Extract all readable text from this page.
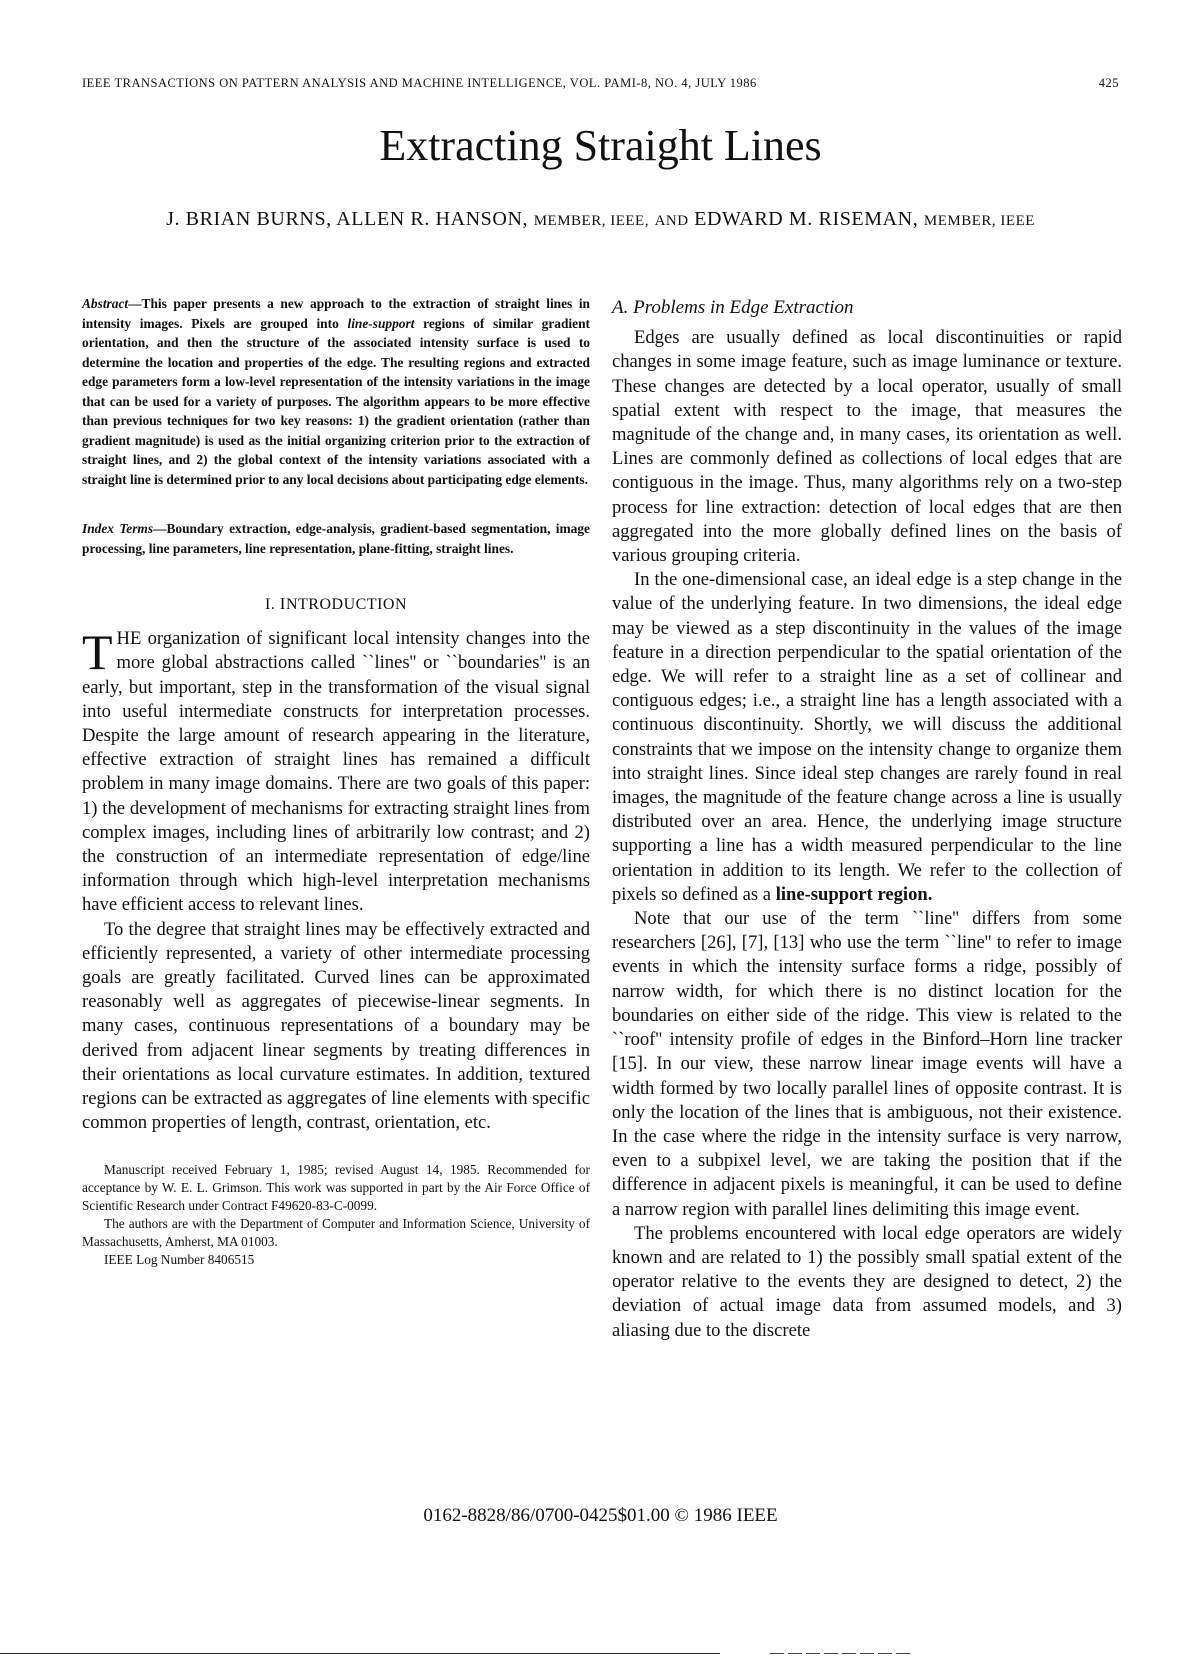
IEEE TRANSACTIONS ON PATTERN ANALYSIS AND MACHINE INTELLIGENCE, VOL. PAMI-8, NO. 4, JULY 1986	425
Extracting Straight Lines
J. BRIAN BURNS, ALLEN R. HANSON, MEMBER, IEEE, AND EDWARD M. RISEMAN, MEMBER, IEEE

Abstract—This paper presents a new approach to the extraction of straight lines in intensity images. Pixels are grouped into line-support regions of similar gradient orientation, and then the structure of the associated intensity surface is used to determine the location and properties of the edge. The resulting regions and extracted edge parameters form a low-level representation of the intensity variations in the image that can be used for a variety of purposes. The algorithm appears to be more effective than previous techniques for two key reasons: 1) the gradient orientation (rather than gradient magnitude) is used as the initial organizing criterion prior to the extraction of straight lines, and 2) the global context of the intensity variations associated with a straight line is determined prior to any local decisions about participating edge elements.

Index Terms—Boundary extraction, edge-analysis, gradient-based segmentation, image processing, line parameters, line representation, plane-fitting, straight lines.

I. INTRODUCTION

THE organization of significant local intensity changes into the more global abstractions called ``lines'' or ``boundaries'' is an early, but important, step in the transformation of the visual signal into useful intermediate constructs for interpretation processes. Despite the large amount of research appearing in the literature, effective extraction of straight lines has remained a difficult problem in many image domains. There are two goals of this paper: 1) the development of mechanisms for extracting straight lines from complex images, including lines of arbitrarily low contrast; and 2) the construction of an intermediate representation of edge/line information through which high-level interpretation mechanisms have efficient access to relevant lines.

To the degree that straight lines may be effectively extracted and efficiently represented, a variety of other intermediate processing goals are greatly facilitated. Curved lines can be approximated reasonably well as aggregates of piecewise-linear segments. In many cases, continuous representations of a boundary may be derived from adjacent linear segments by treating differences in their orientations as local curvature estimates. In addition, textured regions can be extracted as aggregates of line elements with specific common properties of length, contrast, orientation, etc.

Manuscript received February 1, 1985; revised August 14, 1985. Recommended for acceptance by W. E. L. Grimson. This work was supported in part by the Air Force Office of Scientific Research under Contract F49620-83-C-0099.

The authors are with the Department of Computer and Information Science, University of Massachusetts, Amherst, MA 01003.

IEEE Log Number 8406515

A. Problems in Edge Extraction

Edges are usually defined as local discontinuities or rapid changes in some image feature, such as image luminance or texture. These changes are detected by a local operator, usually of small spatial extent with respect to the image, that measures the magnitude of the change and, in many cases, its orientation as well. Lines are commonly defined as collections of local edges that are contiguous in the image. Thus, many algorithms rely on a two-step process for line extraction: detection of local edges that are then aggregated into the more globally defined lines on the basis of various grouping criteria.

In the one-dimensional case, an ideal edge is a step change in the value of the underlying feature. In two dimensions, the ideal edge may be viewed as a step discontinuity in the values of the image feature in a direction perpendicular to the spatial orientation of the edge. We will refer to a straight line as a set of collinear and contiguous edges; i.e., a straight line has a length associated with a continuous discontinuity. Shortly, we will discuss the additional constraints that we impose on the intensity change to organize them into straight lines. Since ideal step changes are rarely found in real images, the magnitude of the feature change across a line is usually distributed over an area. Hence, the underlying image structure supporting a line has a width measured perpendicular to the line orientation in addition to its length. We refer to the collection of pixels so defined as a line-support region.

Note that our use of the term ``line'' differs from some researchers [26], [7], [13] who use the term ``line'' to refer to image events in which the intensity surface forms a ridge, possibly of narrow width, for which there is no distinct location for the boundaries on either side of the ridge. This view is related to the ``roof'' intensity profile of edges in the Binford–Horn line tracker [15]. In our view, these narrow linear image events will have a width formed by two locally parallel lines of opposite contrast. It is only the location of the lines that is ambiguous, not their existence. In the case where the ridge in the intensity surface is very narrow, even to a subpixel level, we are taking the position that if the difference in adjacent pixels is meaningful, it can be used to define a narrow region with parallel lines delimiting this image event.

The problems encountered with local edge operators are widely known and are related to 1) the possibly small spatial extent of the operator relative to the events they are designed to detect, 2) the deviation of actual image data from assumed models, and 3) aliasing due to the discrete

0162-8828/86/0700-0425$01.00 © 1986 IEEE
